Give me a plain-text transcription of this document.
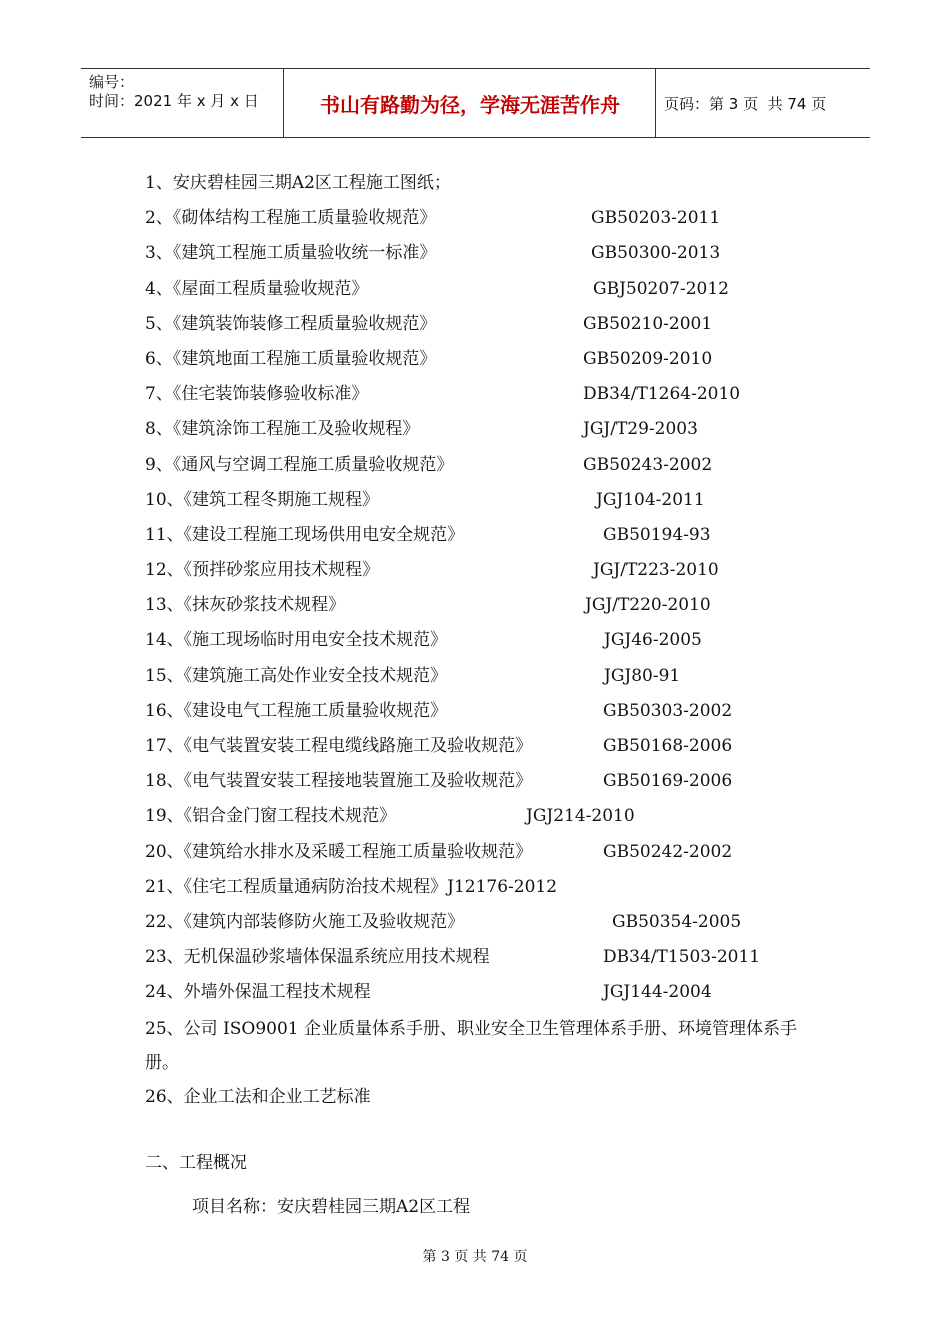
编号：
时间：2021 年 x 月 x 日	书山有路勤为径，学海无涯苦作舟	页码：第 3 页  共 74 页
1、安庆碧桂园三期A2区工程施工图纸；
2、《砌体结构工程施工质量验收规范》	GB50203-2011
3、《建筑工程施工质量验收统一标准》	GB50300-2013
4、《屋面工程质量验收规范》	GBJ50207-2012
5、《建筑装饰装修工程质量验收规范》	GB50210-2001
6、《建筑地面工程施工质量验收规范》	GB50209-2010
7、《住宅装饰装修验收标准》	DB34/T1264-2010
8、《建筑涂饰工程施工及验收规程》	JGJ/T29-2003
9、《通风与空调工程施工质量验收规范》	GB50243-2002
10、《建筑工程冬期施工规程》	JGJ104-2011
11、《建设工程施工现场供用电安全规范》	GB50194-93
12、《预拌砂浆应用技术规程》	JGJ/T223-2010
13、《抹灰砂浆技术规程》	JGJ/T220-2010
14、《施工现场临时用电安全技术规范》	JGJ46-2005
15、《建筑施工高处作业安全技术规范》	JGJ80-91
16、《建设电气工程施工质量验收规范》	GB50303-2002
17、《电气装置安装工程电缆线路施工及验收规范》	GB50168-2006
18、《电气装置安装工程接地装置施工及验收规范》	GB50169-2006
19、《铝合金门窗工程技术规范》	JGJ214-2010
20、《建筑给水排水及采暖工程施工质量验收规范》	GB50242-2002
21、《住宅工程质量通病防治技术规程》J12176-2012
22、《建筑内部装修防火施工及验收规范》	GB50354-2005
23、无机保温砂浆墙体保温系统应用技术规程	DB34/T1503-2011
24、外墙外保温工程技术规程	JGJ144-2004
25、公司 ISO9001 企业质量体系手册、职业安全卫生管理体系手册、环境管理体系手册。
26、企业工法和企业工艺标准
二、工程概况
项目名称：安庆碧桂园三期A2区工程
第 3 页 共 74 页
